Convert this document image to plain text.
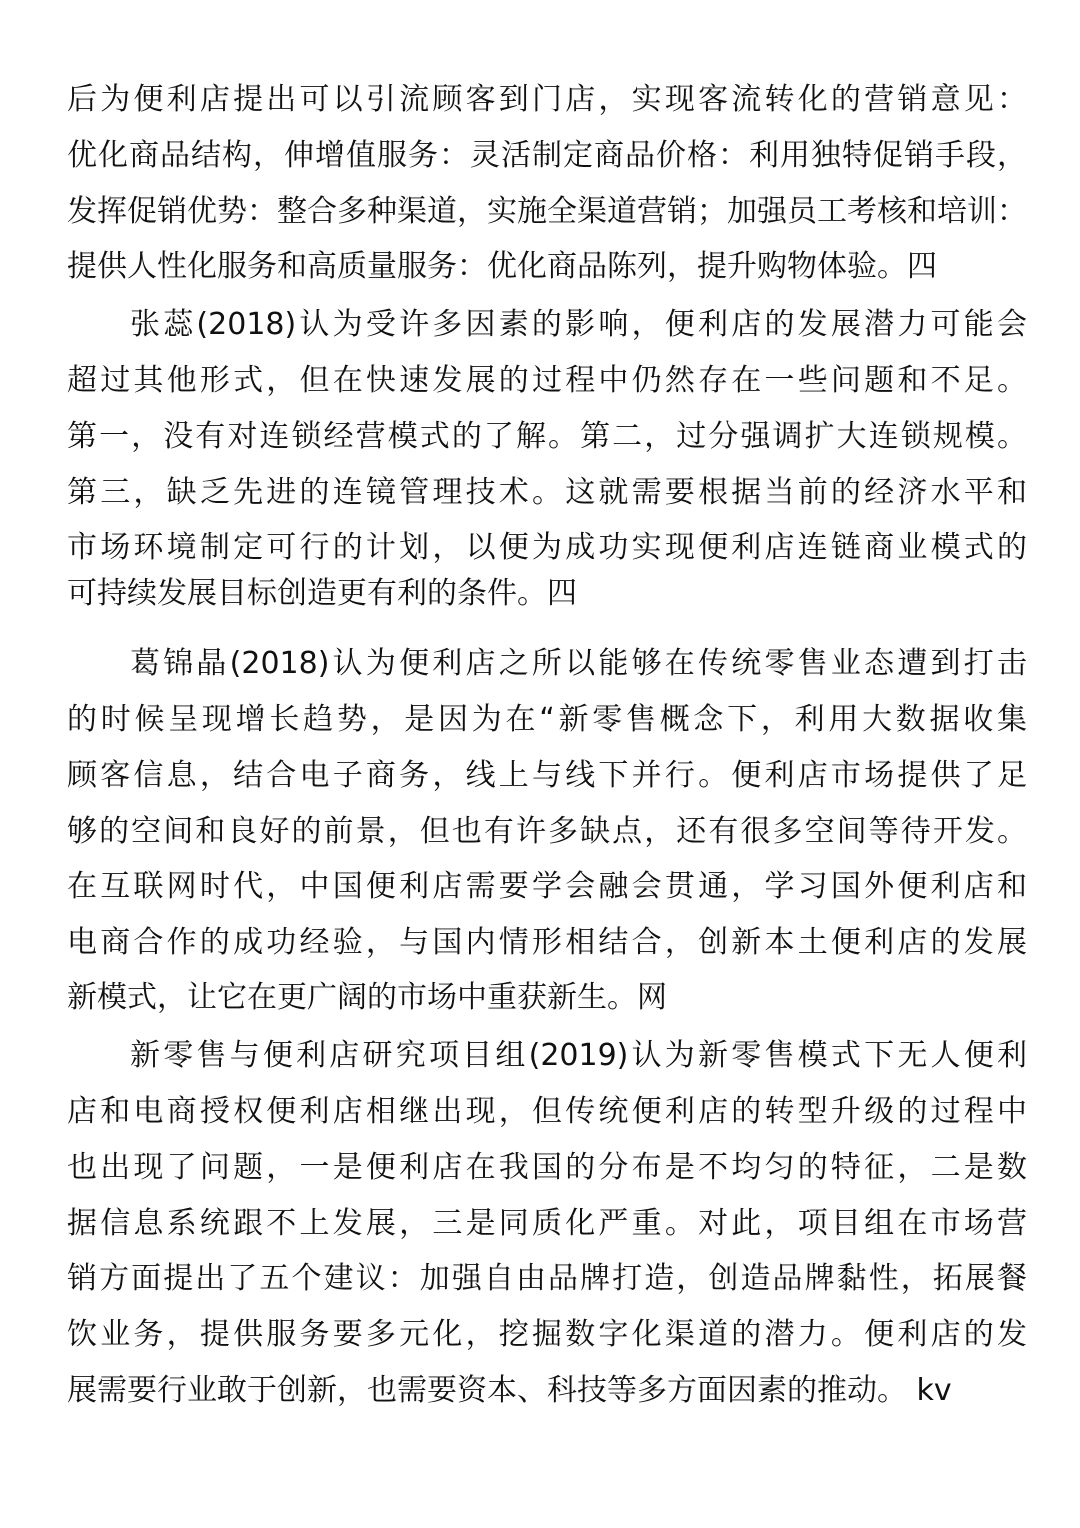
后为便利店提出可以引流顾客到门店，实现客流转化的营销意见：
优化商品结构，伸增值服务：灵活制定商品价格：利用独特促销手段，
发挥促销优势：整合多种渠道，实施全渠道营销；加强员工考核和培训：
提供人性化服务和高质量服务：优化商品陈列，提升购物体验。四
张蕊(2018)认为受许多因素的影响，便利店的发展潜力可能会
超过其他形式，但在快速发展的过程中仍然存在一些问题和不足。
第一，没有对连锁经营模式的了解。第二，过分强调扩大连锁规模。
第三，缺乏先进的连镜管理技术。这就需要根据当前的经济水平和
市场环境制定可行的计划，以便为成功实现便利店连链商业模式的
可持续发展目标创造更有利的条件。四
葛锦晶(2018)认为便利店之所以能够在传统零售业态遭到打击
的时候呈现增长趋势，是因为在“新零售概念下，利用大数据收集
顾客信息，结合电子商务，线上与线下并行。便利店市场提供了足
够的空间和良好的前景，但也有许多缺点，还有很多空间等待开发。
在互联网时代，中国便利店需要学会融会贯通，学习国外便利店和
电商合作的成功经验，与国内情形相结合，创新本土便利店的发展
新模式，让它在更广阔的市场中重获新生。网
新零售与便利店研究项目组(2019)认为新零售模式下无人便利
店和电商授权便利店相继出现，但传统便利店的转型升级的过程中
也出现了问题，一是便利店在我国的分布是不均匀的特征，二是数
据信息系统跟不上发展，三是同质化严重。对此，项目组在市场营
销方面提出了五个建议：加强自由品牌打造，创造品牌黏性，拓展餐
饮业务，提供服务要多元化，挖掘数字化渠道的潜力。便利店的发
展需要行业敢于创新，也需要资本、科技等多方面因素的推动。 kv
